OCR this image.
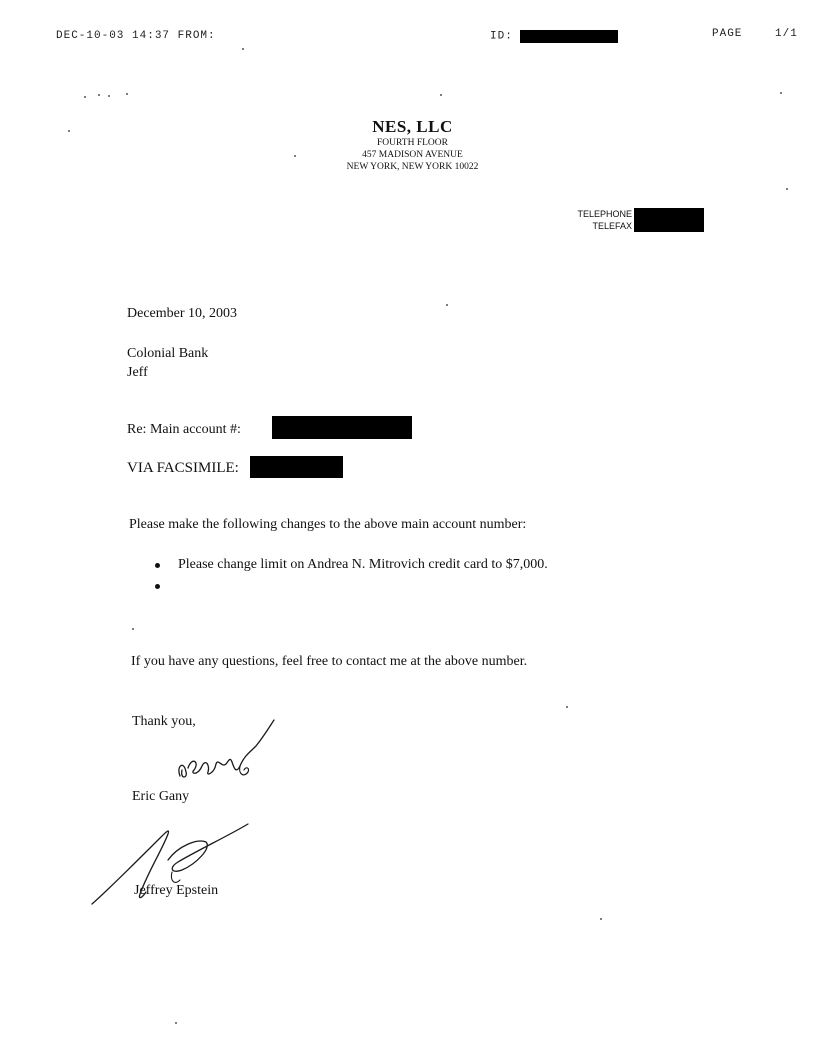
DEC-10-03 14:37 FROM:	ID:	PAGE	1/1
NES, LLC
FOURTH FLOOR
457 MADISON AVENUE
NEW YORK, NEW YORK 10022
TELEPHONE
TELEFAX
December 10, 2003
Colonial Bank
Jeff
Re: Main account #:
VIA FACSIMILE:
Please make the following changes to the above main account number:
Please change limit on Andrea N. Mitrovich credit card to $7,000.
If you have any questions, feel free to contact me at the above number.
Thank you,
Eric Gany
Jeffrey Epstein
